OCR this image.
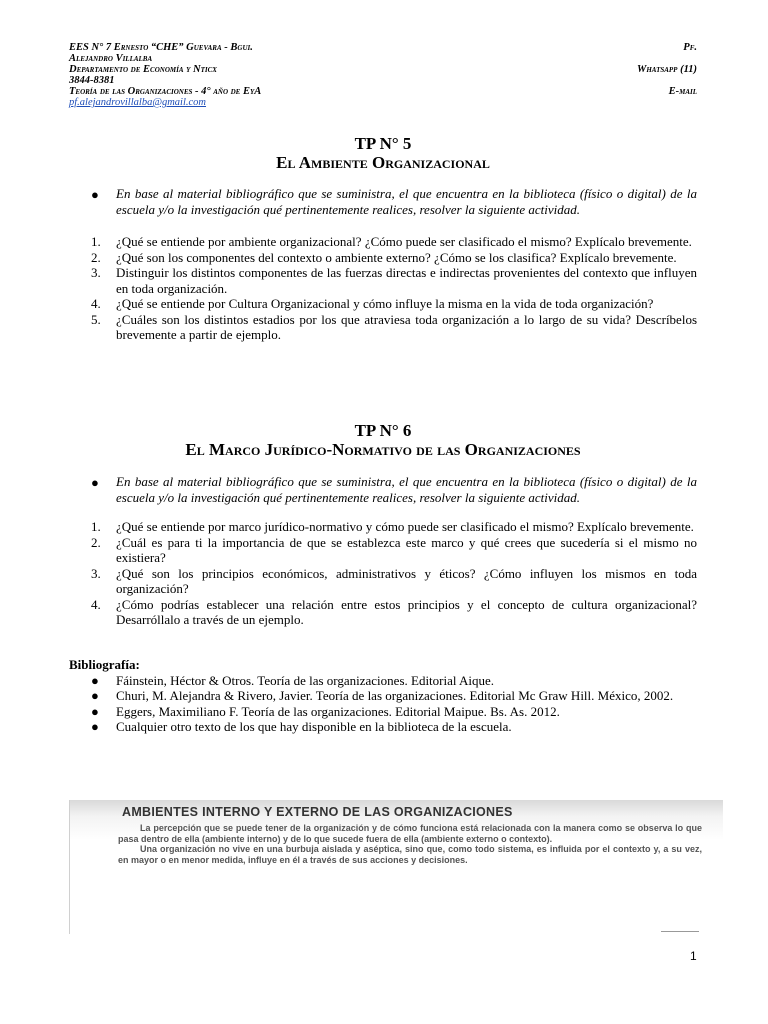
EES N° 7 Ernesto “CHE” Guevara - Bgui.	Pf.
Alejandro Villalba
Departamento de Economía y Nticx	Whatsapp (11)
3844-8381
Teoría de las Organizaciones - 4° año de EyA	E-mail
pf.alejandrovillalba@gmail.com
TP N° 5
El Ambiente Organizacional
● En base al material bibliográfico que se suministra, el que encuentra en la biblioteca (físico o digital) de la escuela y/o la investigación qué pertinentemente realices, resolver la siguiente actividad.
1. ¿Qué se entiende por ambiente organizacional? ¿Cómo puede ser clasificado el mismo? Explícalo brevemente.
2. ¿Qué son los componentes del contexto o ambiente externo? ¿Cómo se los clasifica? Explícalo brevemente.
3. Distinguir los distintos componentes de las fuerzas directas e indirectas provenientes del contexto que influyen en toda organización.
4. ¿Qué se entiende por Cultura Organizacional y cómo influye la misma en la vida de toda organización?
5. ¿Cuáles son los distintos estadios por los que atraviesa toda organización a lo largo de su vida? Descríbelos brevemente a partir de ejemplo.
TP N° 6
El Marco Jurídico-Normativo de las Organizaciones
● En base al material bibliográfico que se suministra, el que encuentra en la biblioteca (físico o digital) de la escuela y/o la investigación qué pertinentemente realices, resolver la siguiente actividad.
1. ¿Qué se entiende por marco jurídico-normativo y cómo puede ser clasificado el mismo? Explícalo brevemente.
2. ¿Cuál es para ti la importancia de que se establezca este marco y qué crees que sucedería si el mismo no existiera?
3. ¿Qué son los principios económicos, administrativos y éticos? ¿Cómo influyen los mismos en toda organización?
4. ¿Cómo podrías establecer una relación entre estos principios y el concepto de cultura organizacional? Desarróllalo a través de un ejemplo.
Bibliografía:
● Fáinstein, Héctor & Otros. Teoría de las organizaciones. Editorial Aique.
● Churi, M. Alejandra & Rivero, Javier. Teoría de las organizaciones. Editorial Mc Graw Hill. México, 2002.
● Eggers, Maximiliano F. Teoría de las organizaciones. Editorial Maipue. Bs. As. 2012.
● Cualquier otro texto de los que hay disponible en la biblioteca de la escuela.
AMBIENTES INTERNO Y EXTERNO DE LAS ORGANIZACIONES

La percepción que se puede tener de la organización y de cómo funciona está relacionada con la manera como se observa lo que pasa dentro de ella (ambiente interno) y de lo que sucede fuera de ella (ambiente externo o contexto).

Una organización no vive en una burbuja aislada y aséptica, sino que, como todo sistema, es influida por el contexto y, a su vez, en mayor o en menor medida, influye en él a través de sus acciones y decisiones.

1
